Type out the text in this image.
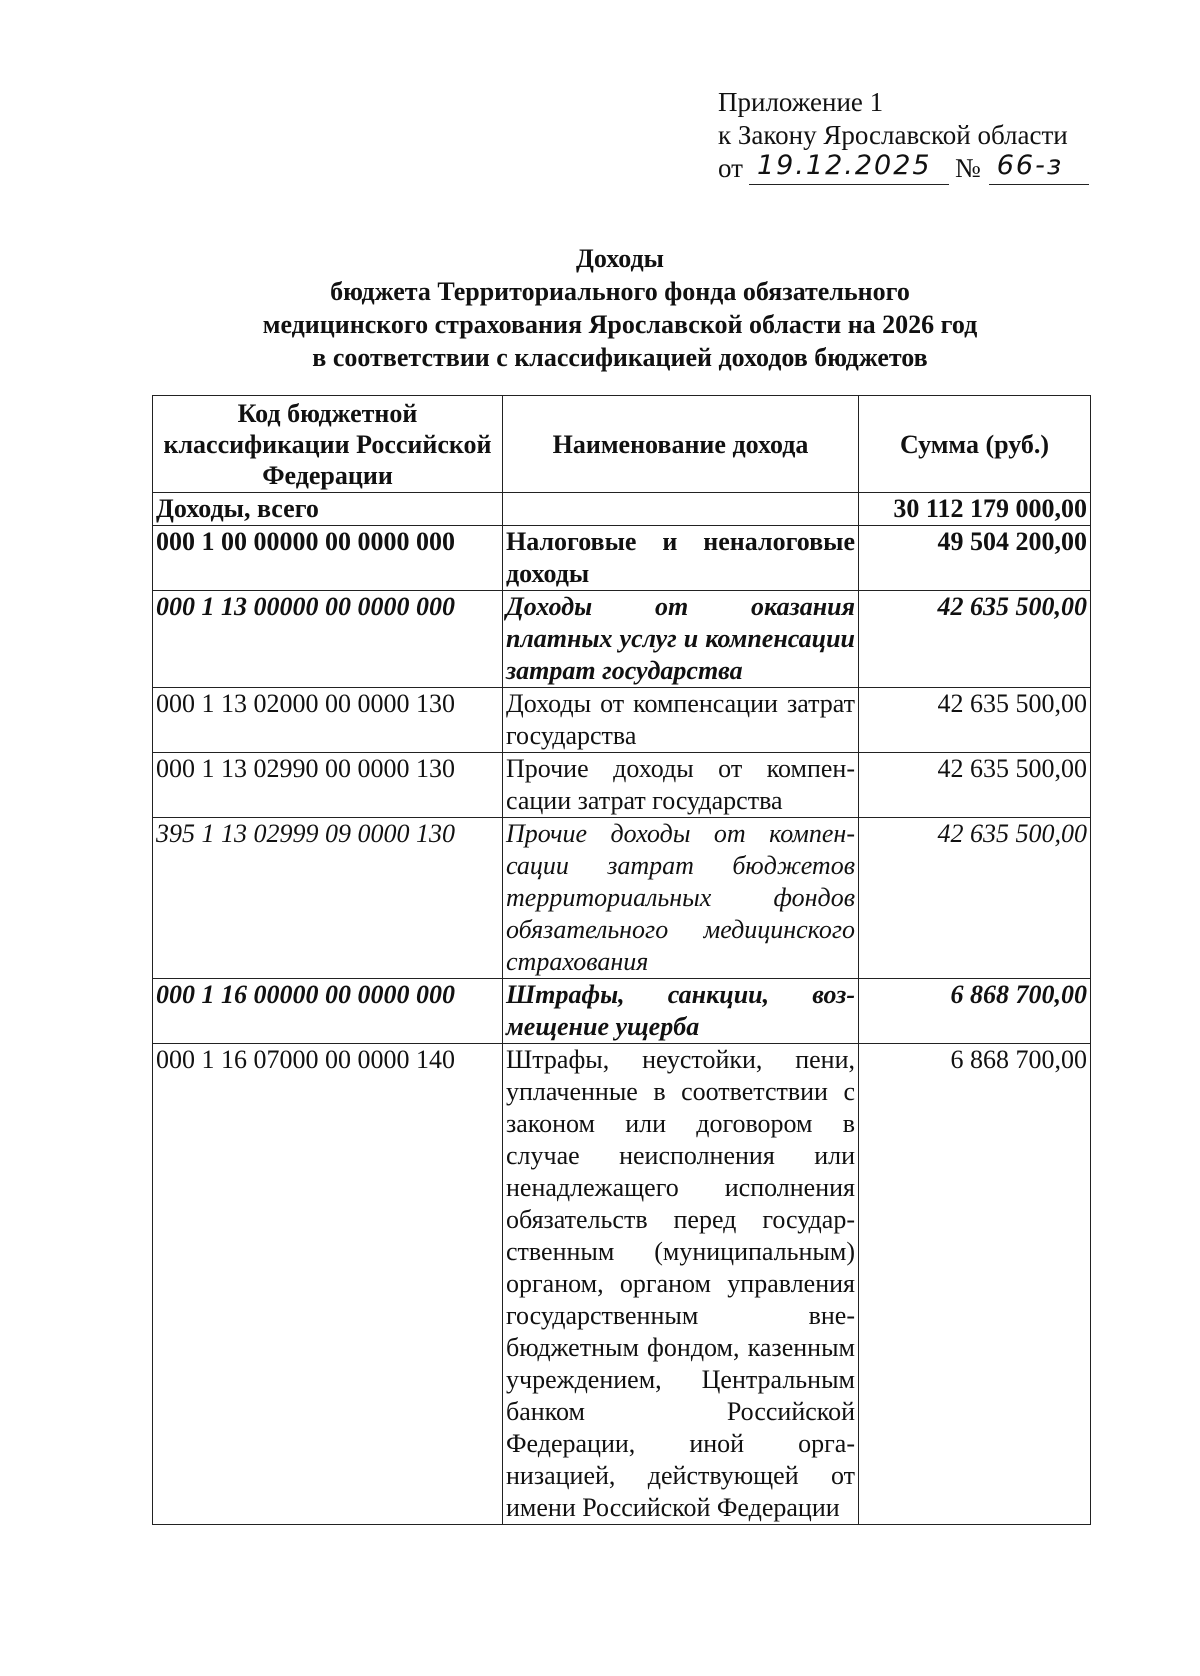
Приложение 1
к Закону Ярославской области
от 19.12.2025 № 66-з
Доходы
бюджета Территориального фонда обязательного
медицинского страхования Ярославской области на 2026 год
в соответствии с классификацией доходов бюджетов
Код бюджетной классификации Российской Федерации	Наименование дохода	Сумма (руб.)
Доходы, всего		30 112 179 000,00
000 1 00 00000 00 0000 000	Налоговые и неналоговые доходы	49 504 200,00
000 1 13 00000 00 0000 000	Доходы от оказания платных услуг и компенсации затрат государства	42 635 500,00
000 1 13 02000 00 0000 130	Доходы от компенсации затрат государства	42 635 500,00
000 1 13 02990 00 0000 130	Прочие доходы от компенсации затрат государства	42 635 500,00
395 1 13 02999 09 0000 130	Прочие доходы от компенсации затрат бюджетов территориальных фондов обязательного медицинского страхования	42 635 500,00
000 1 16 00000 00 0000 000	Штрафы, санкции, возмещение ущерба	6 868 700,00
000 1 16 07000 00 0000 140	Штрафы, неустойки, пени, уплаченные в соответствии с законом или договором в случае неисполнения или ненадлежащего исполнения обязательств перед государственным (муниципальным) органом, органом управления государственным внебюджетным фондом, казенным учреждением, Центральным банком Российской Федерации, иной организацией, действующей от имени Российской Федерации	6 868 700,00
